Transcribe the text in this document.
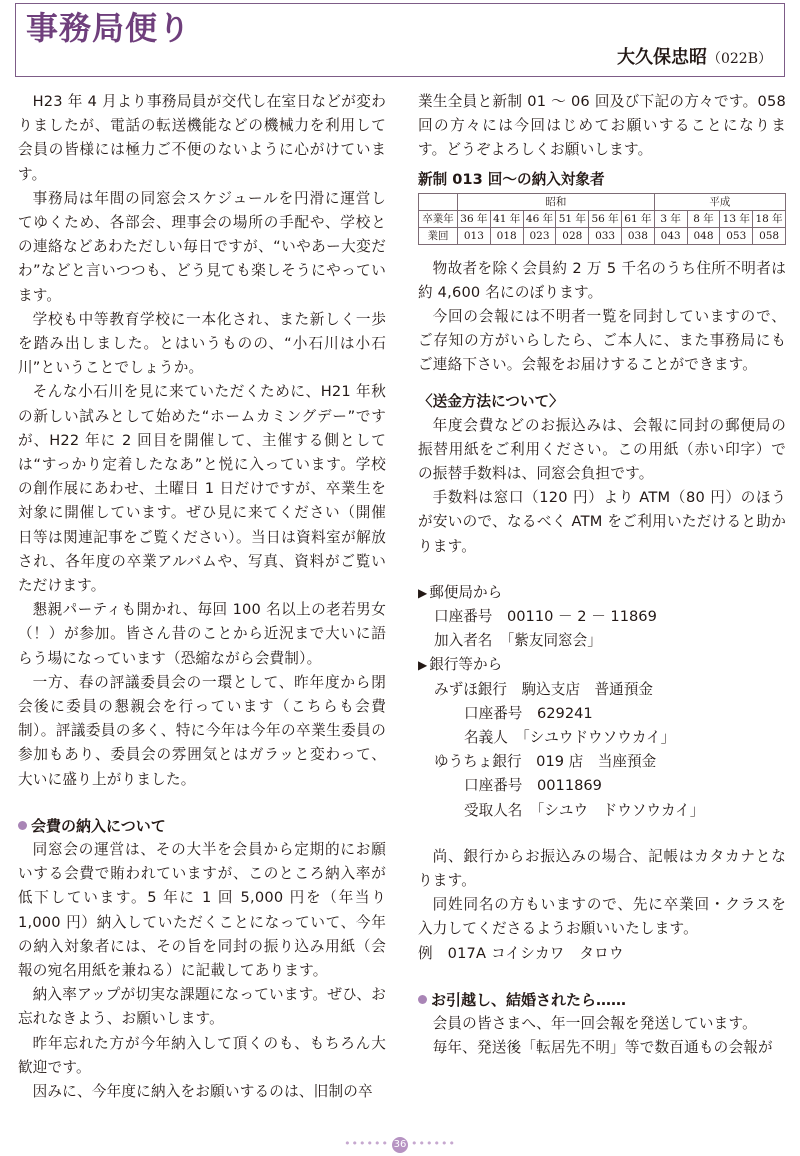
事務局便り
大久保忠昭（022B）

H23 年 4 月より事務局員が交代し在室日などが変わりましたが、電話の転送機能などの機械力を利用して会員の皆様には極力ご不便のないように心がけています。

事務局は年間の同窓会スケジュールを円滑に運営してゆくため、各部会、理事会の場所の手配や、学校との連絡などあわただしい毎日ですが、“いやあー大変だわ”などと言いつつも、どう見ても楽しそうにやっています。

学校も中等教育学校に一本化され、また新しく一歩を踏み出しました。とはいうものの、“小石川は小石川”ということでしょうか。

そんな小石川を見に来ていただくために、H21 年秋の新しい試みとして始めた“ホームカミングデー”ですが、H22 年に 2 回目を開催して、主催する側としては“すっかり定着したなあ”と悦に入っています。学校の創作展にあわせ、土曜日 1 日だけですが、卒業生を対象に開催しています。ぜひ見に来てください（開催日等は関連記事をご覧ください）。当日は資料室が解放され、各年度の卒業アルバムや、写真、資料がご覧いただけます。

懇親パーティも開かれ、毎回 100 名以上の老若男女（！）が参加。皆さん昔のことから近況まで大いに語らう場になっています（恐縮ながら会費制）。

一方、春の評議委員会の一環として、昨年度から閉会後に委員の懇親会を行っています（こちらも会費制）。評議委員の多く、特に今年は今年の卒業生委員の参加もあり、委員会の雰囲気とはガラッと変わって、大いに盛り上がりました。

会費の納入について

同窓会の運営は、その大半を会員から定期的にお願いする会費で賄われていますが、このところ納入率が低下しています。5 年に 1 回 5,000 円を（年当り 1,000 円）納入していただくことになっていて、今年の納入対象者には、その旨を同封の振り込み用紙（会報の宛名用紙を兼ねる）に記載してあります。

納入率アップが切実な課題になっています。ぜひ、お忘れなきよう、お願いします。

昨年忘れた方が今年納入して頂くのも、もちろん大歓迎です。

因みに、今年度に納入をお願いするのは、旧制の卒

業生全員と新制 01 ～ 06 回及び下記の方々です。058 回の方々には今回はじめてお願いすることになります。どうぞよろしくお願いします。

新制 013 回～の納入対象者

	昭和						平成			
卒業年	36 年	41 年	46 年	51 年	56 年	61 年	3 年	8 年	13 年	18 年
業回	013	018	023	028	033	038	043	048	053	058

物故者を除く会員約 2 万 5 千名のうち住所不明者は約 4,600 名にのぼります。

今回の会報には不明者一覧を同封していますので、ご存知の方がいらしたら、ご本人に、また事務局にもご連絡下さい。会報をお届けすることができます。

〈送金方法について〉

年度会費などのお振込みは、会報に同封の郵便局の振替用紙をご利用ください。この用紙（赤い印字）での振替手数料は、同窓会負担です。

手数料は窓口（120 円）より ATM（80 円）のほうが安いので、なるべく ATM をご利用いただけると助かります。

▶ 郵便局から

口座番号　00110 － 2 － 11869

加入者名　「紫友同窓会」

▶ 銀行等から

みずほ銀行　駒込支店　普通預金

口座番号　629241

名義人　「シユウドウソウカイ」

ゆうちょ銀行　019 店　当座預金

口座番号　0011869

受取人名　「シユウ　ドウソウカイ」

尚、銀行からお振込みの場合、記帳はカタカナとなります。

同姓同名の方もいますので、先に卒業回・クラスを入力してくださるようお願いいたします。

例　017A コイシカワ　タロウ

お引越し、結婚されたら……

会員の皆さまへ、年一回会報を発送しています。

毎年、発送後「転居先不明」等で数百通もの会報が

•••••• 36 ••••••
